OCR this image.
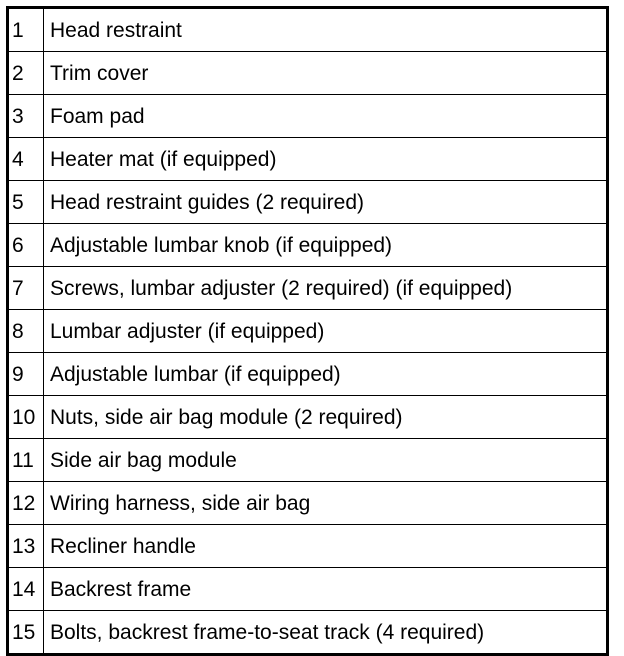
1	Head restraint
2	Trim cover
3	Foam pad
4	Heater mat (if equipped)
5	Head restraint guides (2 required)
6	Adjustable lumbar knob (if equipped)
7	Screws, lumbar adjuster (2 required) (if equipped)
8	Lumbar adjuster (if equipped)
9	Adjustable lumbar (if equipped)
10	Nuts, side air bag module (2 required)
11	Side air bag module
12	Wiring harness, side air bag
13	Recliner handle
14	Backrest frame
15	Bolts, backrest frame-to-seat track (4 required)
